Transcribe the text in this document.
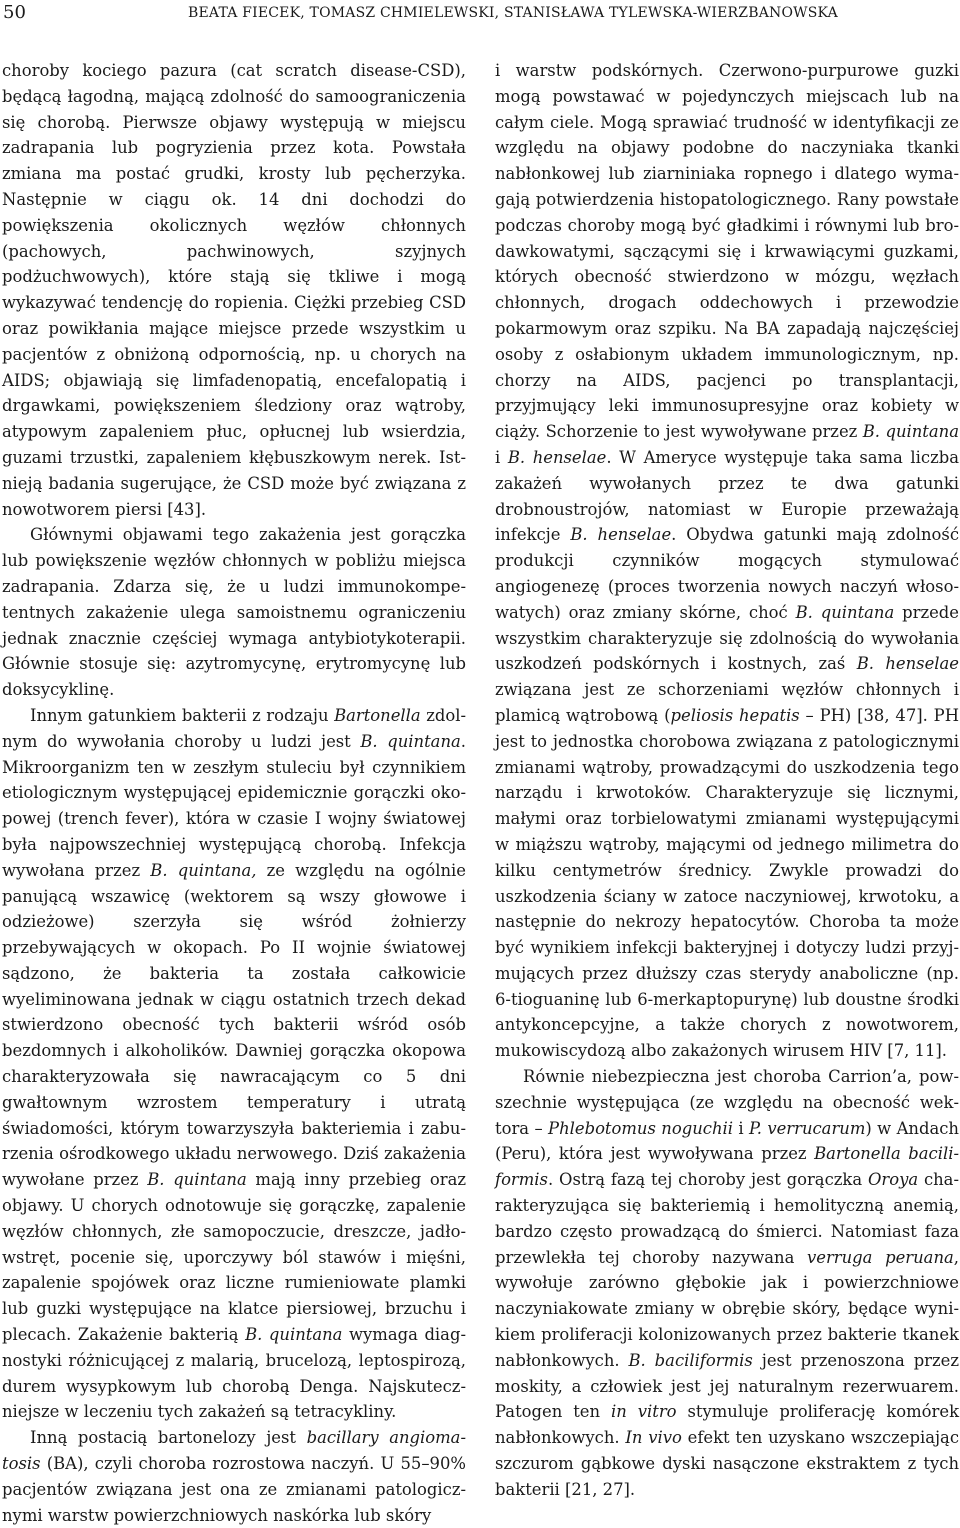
50	BEATA FIECEK, TOMASZ CHMIELEWSKI, STANISŁAWA TYLEWSKA-WIERZBANOWSKA

choroby kociego pazura (cat scratch disease-CSD), będącą łagodną, mającą zdolność do samoograniczenia się chorobą. Pierwsze objawy występują w miejscu zadrapania lub pogryzienia przez kota. Powstała zmiana ma postać grudki, krosty lub pęcherzyka. Następnie w ciągu ok. 14 dni dochodzi do powiększenia okolicznych węzłów chłonnych (pachowych, pachwinowych, szyjnych podżuchwowych), które stają się tkliwe i mogą wykazywać tendencję do ropienia. Ciężki przebieg CSD oraz powikłania mające miejsce przede wszystkim u pacjentów z obniżoną odpornością, np. u chorych na AIDS; objawiają się limfadenopatią, encefalopatią i drgawkami, powiększeniem śledziony oraz wątroby, atypowym zapaleniem płuc, opłucnej lub wsierdzia, guzami trzustki, zapaleniem kłębuszkowym nerek. Istnieją badania sugerujące, że CSD może być związana z nowotworem piersi [43].

Głównymi objawami tego zakażenia jest gorączka lub powiększenie węzłów chłonnych w pobliżu miejsca zadrapania. Zdarza się, że u ludzi immunokompetentnych zakażenie ulega samoistnemu ograniczeniu jednak znacznie częściej wymaga antybiotykoterapii. Głównie stosuje się: azytromycynę, erytromycynę lub doksycyklinę.

Innym gatunkiem bakterii z rodzaju Bartonella zdolnym do wywołania choroby u ludzi jest B. quintana. Mikroorganizm ten w zeszłym stuleciu był czynnikiem etiologicznym występującej epidemicznie gorączki okopowej (trench fever), która w czasie I wojny światowej była najpowszechniej występującą chorobą. Infekcja wywołana przez B. quintana, ze względu na ogólnie panującą wszawicę (wektorem są wszy głowowe i odzieżowe) szerzyła się wśród żołnierzy przebywających w okopach. Po II wojnie światowej sądzono, że bakteria ta została całkowicie wyeliminowana jednak w ciągu ostatnich trzech dekad stwierdzono obecność tych bakterii wśród osób bezdomnych i alkoholików. Dawniej gorączka okopowa charakteryzowała się nawracającym co 5 dni gwałtownym wzrostem temperatury i utratą świadomości, którym towarzyszyła bakteriemia i zaburzenia ośrodkowego układu nerwowego. Dziś zakażenia wywołane przez B. quintana mają inny przebieg oraz objawy. U chorych odnotowuje się gorączkę, zapalenie węzłów chłonnych, złe samopoczucie, dreszcze, jadłowstręt, pocenie się, uporczywy ból stawów i mięśni, zapalenie spojówek oraz liczne rumieniowate plamki lub guzki występujące na klatce piersiowej, brzuchu i plecach. Zakażenie bakterią B. quintana wymaga diagnostyki różnicującej z malarią, brucelozą, leptospirozą, durem wysypkowym lub chorobą Denga. Najskuteczniejsze w leczeniu tych zakażeń są tetracykliny.

Inną postacią bartonelozy jest bacillary angiomatosis (BA), czyli choroba rozrostowa naczyń. U 55–90% pacjentów związana jest ona ze zmianami patologicznymi warstw powierzchniowych naskórka lub skóry

i warstw podskórnych. Czerwono-purpurowe guzki mogą powstawać w pojedynczych miejscach lub na całym ciele. Mogą sprawiać trudność w identyfikacji ze względu na objawy podobne do naczyniaka tkanki nabłonkowej lub ziarniniaka ropnego i dlatego wymagają potwierdzenia histopatologicznego. Rany powstałe podczas choroby mogą być gładkimi i równymi lub brodawkowatymi, sączącymi się i krwawiącymi guzkami, których obecność stwierdzono w mózgu, węzłach chłonnych, drogach oddechowych i przewodzie pokarmowym oraz szpiku. Na BA zapadają najczęściej osoby z osłabionym układem immunologicznym, np. chorzy na AIDS, pacjenci po transplantacji, przyjmujący leki immunosupresyjne oraz kobiety w ciąży. Schorzenie to jest wywoływane przez B. quintana i B. henselae. W Ameryce występuje taka sama liczba zakażeń wywołanych przez te dwa gatunki drobnoustrojów, natomiast w Europie przeważają infekcje B. henselae. Obydwa gatunki mają zdolność produkcji czynników mogących stymulować angiogenezę (proces tworzenia nowych naczyń włosowatych) oraz zmiany skórne, choć B. quintana przede wszystkim charakteryzuje się zdolnością do wywołania uszkodzeń podskórnych i kostnych, zaś B. henselae związana jest ze schorzeniami węzłów chłonnych i plamicą wątrobową (peliosis hepatis – PH) [38, 47]. PH jest to jednostka chorobowa związana z patologicznymi zmianami wątroby, prowadzącymi do uszkodzenia tego narządu i krwotoków. Charakteryzuje się licznymi, małymi oraz torbielowatymi zmianami występującymi w miąższu wątroby, mającymi od jednego milimetra do kilku centymetrów średnicy. Zwykle prowadzi do uszkodzenia ściany w zatoce naczyniowej, krwotoku, a następnie do nekrozy hepatocytów. Choroba ta może być wynikiem infekcji bakteryjnej i dotyczy ludzi przyjmujących przez dłuższy czas sterydy anaboliczne (np. 6-tioguaninę lub 6-merkaptopurynę) lub doustne środki antykoncepcyjne, a także chorych z nowotworem, mukowiscydozą albo zakażonych wirusem HIV [7, 11].

Równie niebezpieczna jest choroba Carrion’a, powszechnie występująca (ze względu na obecność wektora – Phlebotomus noguchii i P. verrucarum) w Andach (Peru), która jest wywoływana przez Bartonella baciliformis. Ostrą fazą tej choroby jest gorączka Oroya charakteryzująca się bakteriemią i hemolityczną anemią, bardzo często prowadzącą do śmierci. Natomiast faza przewlekła tej choroby nazywana verruga peruana, wywołuje zarówno głębokie jak i powierzchniowe naczyniakowate zmiany w obrębie skóry, będące wynikiem proliferacji kolonizowanych przez bakterie tkanek nabłonkowych. B. baciliformis jest przenoszona przez moskity, a człowiek jest jej naturalnym rezerwuarem. Patogen ten in vitro stymuluje proliferację komórek nabłonkowych. In vivo efekt ten uzyskano wszczepiając szczurom gąbkowe dyski nasączone ekstraktem z tych bakterii [21, 27].
